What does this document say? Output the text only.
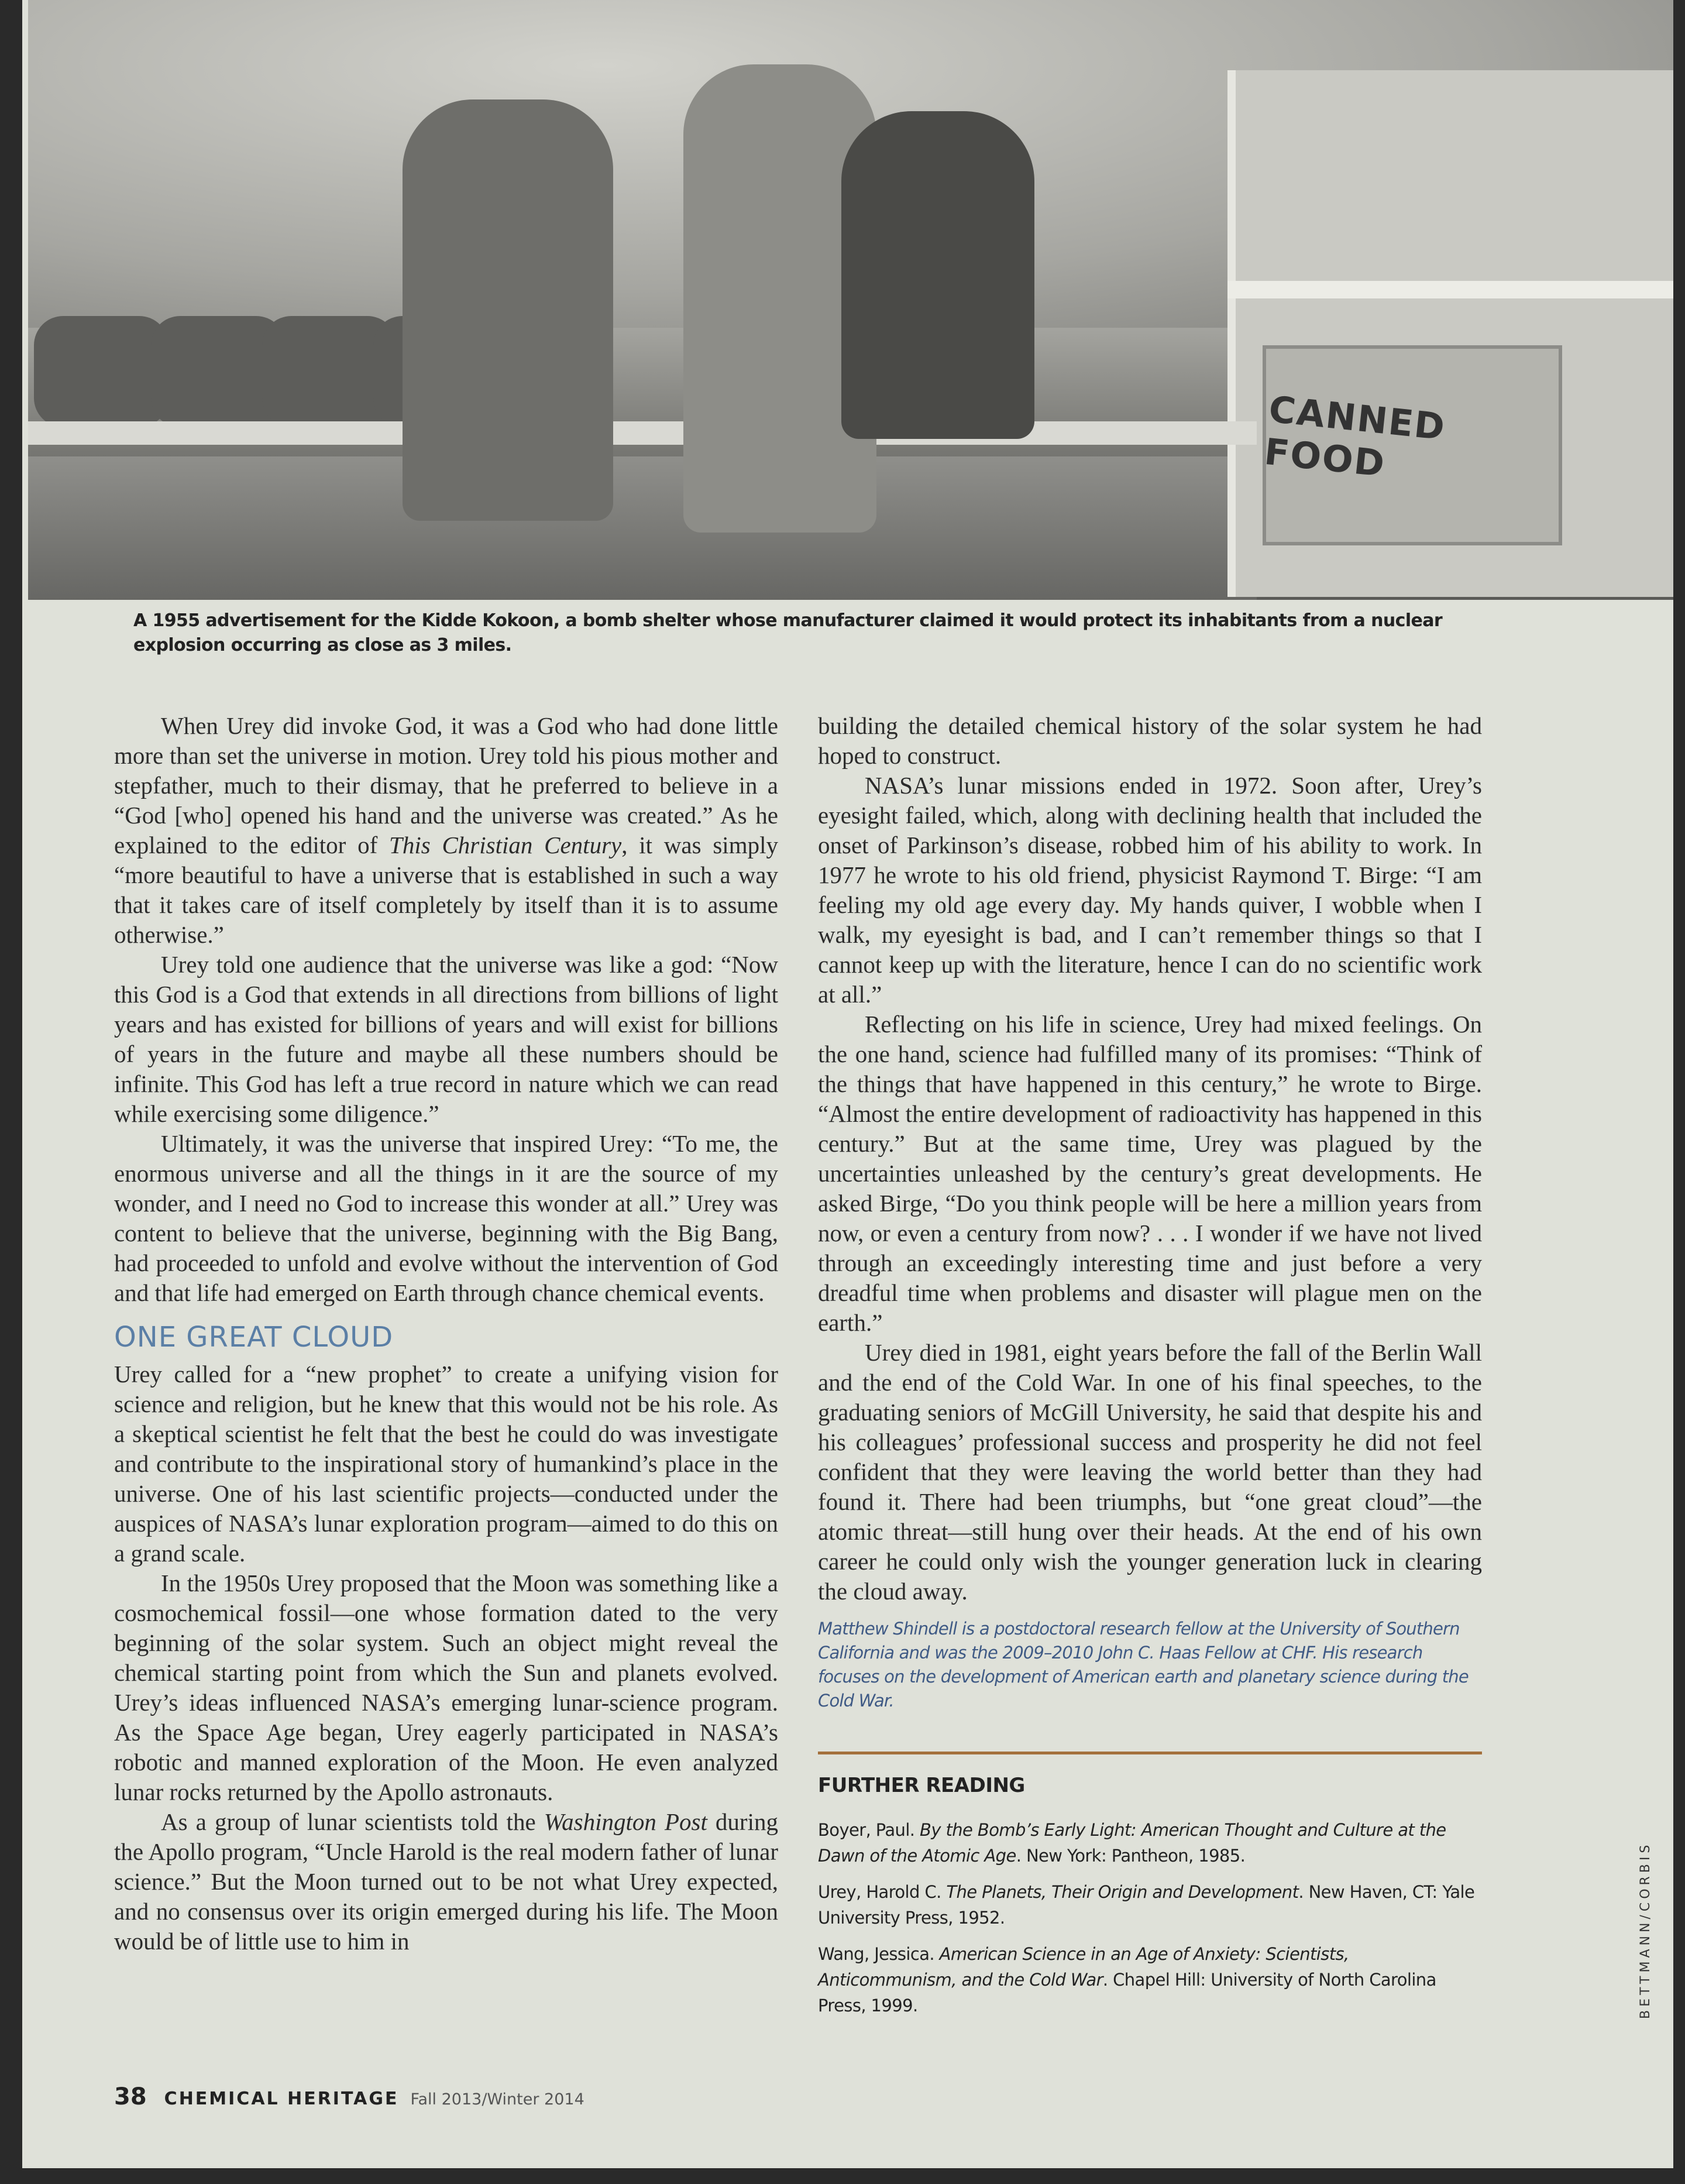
CANNED FOOD
A 1955 advertisement for the Kidde Kokoon, a bomb shelter whose manufacturer claimed it would protect its inhabitants from a nuclear explosion occurring as close as 3 miles.

When Urey did invoke God, it was a God who had done little more than set the universe in motion. Urey told his pious mother and stepfather, much to their dismay, that he preferred to believe in a “God [who] opened his hand and the universe was created.” As he explained to the editor of This Christian Century, it was simply “more beautiful to have a universe that is established in such a way that it takes care of itself completely by itself than it is to assume otherwise.”

Urey told one audience that the universe was like a god: “Now this God is a God that extends in all directions from billions of light years and has existed for billions of years and will exist for billions of years in the future and maybe all these numbers should be infinite. This God has left a true record in nature which we can read while exercising some diligence.”

Ultimately, it was the universe that inspired Urey: “To me, the enormous universe and all the things in it are the source of my wonder, and I need no God to increase this wonder at all.” Urey was content to believe that the universe, beginning with the Big Bang, had proceeded to unfold and evolve without the intervention of God and that life had emerged on Earth through chance chemical events.

ONE GREAT CLOUD

Urey called for a “new prophet” to create a unifying vision for science and religion, but he knew that this would not be his role. As a skeptical scientist he felt that the best he could do was investigate and contribute to the inspirational story of humankind’s place in the universe. One of his last scientific projects—conducted under the auspices of NASA’s lunar exploration program—aimed to do this on a grand scale.

In the 1950s Urey proposed that the Moon was something like a cosmochemical fossil—one whose formation dated to the very beginning of the solar system. Such an object might reveal the chemical starting point from which the Sun and planets evolved. Urey’s ideas influenced NASA’s emerging lunar-science program. As the Space Age began, Urey eagerly participated in NASA’s robotic and manned exploration of the Moon. He even analyzed lunar rocks returned by the Apollo astronauts.

As a group of lunar scientists told the Washington Post during the Apollo program, “Uncle Harold is the real modern father of lunar science.” But the Moon turned out to be not what Urey expected, and no consensus over its origin emerged during his life. The Moon would be of little use to him in

building the detailed chemical history of the solar system he had hoped to construct.

NASA’s lunar missions ended in 1972. Soon after, Urey’s eyesight failed, which, along with declining health that included the onset of Parkinson’s disease, robbed him of his ability to work. In 1977 he wrote to his old friend, physicist Raymond T. Birge: “I am feeling my old age every day. My hands quiver, I wobble when I walk, my eyesight is bad, and I can’t remember things so that I cannot keep up with the literature, hence I can do no scientific work at all.”

Reflecting on his life in science, Urey had mixed feelings. On the one hand, science had fulfilled many of its promises: “Think of the things that have happened in this century,” he wrote to Birge. “Almost the entire development of radioactivity has happened in this century.” But at the same time, Urey was plagued by the uncertainties unleashed by the century’s great developments. He asked Birge, “Do you think people will be here a million years from now, or even a century from now? . . . I wonder if we have not lived through an exceedingly interesting time and just before a very dreadful time when problems and disaster will plague men on the earth.”

Urey died in 1981, eight years before the fall of the Berlin Wall and the end of the Cold War. In one of his final speeches, to the graduating seniors of McGill University, he said that despite his and his colleagues’ professional success and prosperity he did not feel confident that they were leaving the world better than they had found it. There had been triumphs, but “one great cloud”—the atomic threat—still hung over their heads. At the end of his own career he could only wish the younger generation luck in clearing the cloud away.

Matthew Shindell is a postdoctoral research fellow at the University of Southern California and was the 2009–2010 John C. Haas Fellow at CHF. His research focuses on the development of American earth and planetary science during the Cold War.
FURTHER READING
Boyer, Paul. By the Bomb’s Early Light: American Thought and Culture at the Dawn of the Atomic Age. New York: Pantheon, 1985.
Urey, Harold C. The Planets, Their Origin and Development. New Haven, CT: Yale University Press, 1952.
Wang, Jessica. American Science in an Age of Anxiety: Scientists, Anticommunism, and the Cold War. Chapel Hill: University of North Carolina Press, 1999.
38 CHEMICAL HERITAGE Fall 2013/Winter 2014
BETTMANN/CORBIS
